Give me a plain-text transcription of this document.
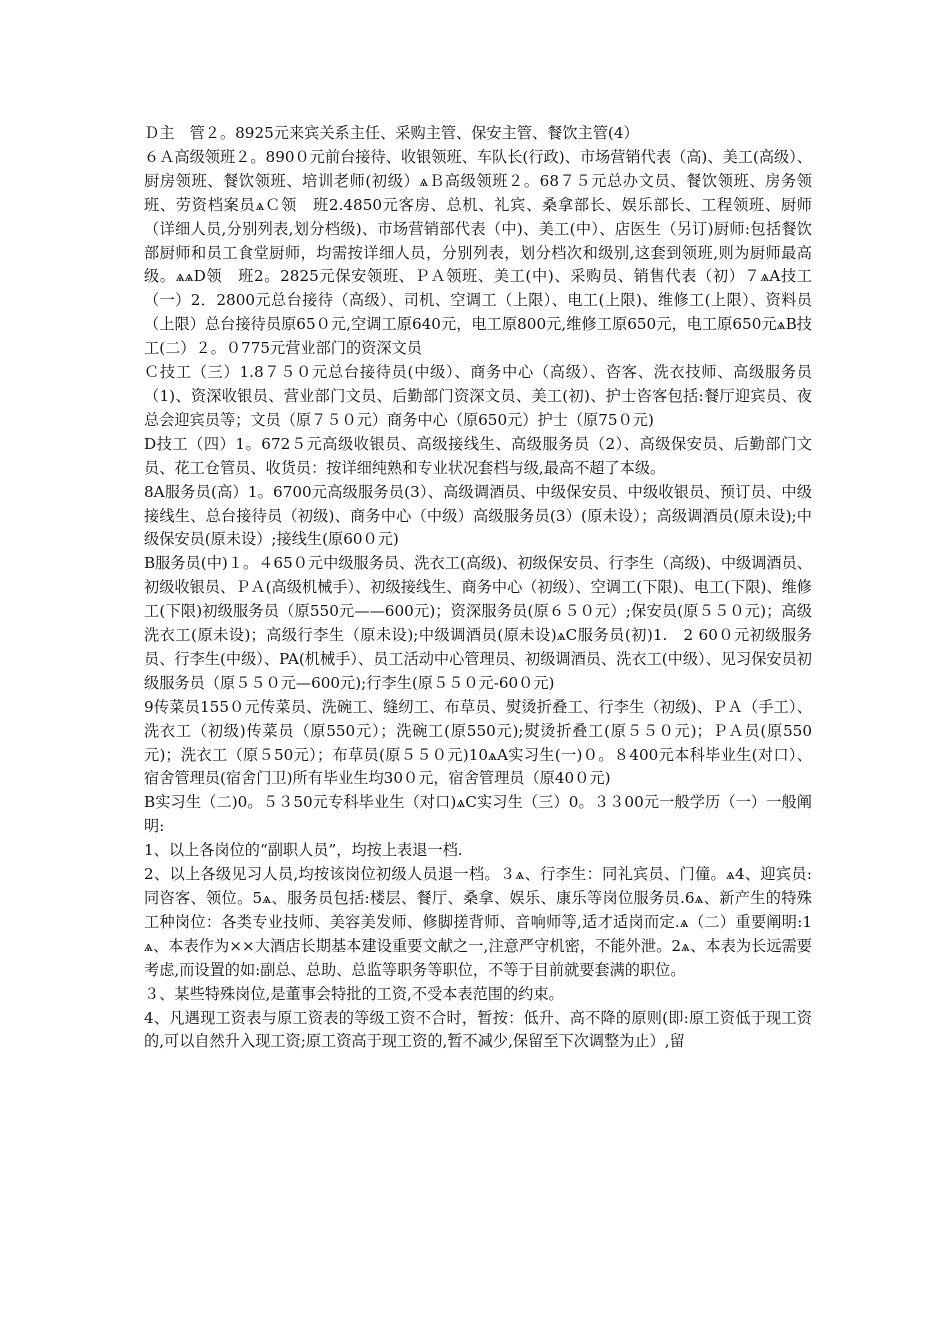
Ｄ主　管２。8925元来宾关系主任、采购主管、保安主管、餐饮主管(4）

６Ａ高级领班２。890０元前台接待、收银领班、车队长(行政)、市场营销代表（高)、美工(高级）、厨房领班、餐饮领班、培训老师(初级）ѧＢ高级领班２。68７５元总办文员、餐饮领班、房务领班、劳资档案员ѧＣ领　班2.4850元客房、总机、礼宾、桑拿部长、娱乐部长、工程领班、厨师（详细人员,分别列表,划分档级)、市场营销部代表（中)、美工(中）、店医生（另订)厨师:包括餐饮部厨师和员工食堂厨师，均需按详细人员，分别列表，划分档次和级别,这套到领班,则为厨师最高级。ѧѧD领　班2。2825元保安领班、ＰＡ领班、美工(中)、采购员、销售代表（初）７ѧA技工（一）2．2800元总台接待（高级）、司机、空调工（上限）、电工(上限)、维修工(上限）、资料员（上限）总台接待员原65０元,空调工原640元，电工原800元,维修工原650元，电工原650元ѧB技工(二）２。０775元营业部门的资深文员

Ｃ技工（三）1.8７５０元总台接待员(中级）、商务中心（高级）、咨客、洗衣技师、高级服务员（1)、资深收银员、营业部门文员、后勤部门资深文员、美工(初)、护士咨客包括:餐厅迎宾员、夜总会迎宾员等；文员（原７５０元）商务中心（原650元）护士（原75０元)

D技工（四）1。672５元高级收银员、高级接线生、高级服务员（2）、高级保安员、后勤部门文员、花工仓管员、收货员：按详细纯熟和专业状况套档与级,最高不超了本级。

8A服务员(高）1。6700元高级服务员(3）、高级调酒员、中级保安员、中级收银员、预订员、中级接线生、总台接待员（初级)、商务中心（中级）高级服务员(3）(原未设）；高级调酒员(原未设);中级保安员(原未设）;接线生(原60０元)

B服务员(中)１。４65０元中级服务员、洗衣工(高级)、初级保安员、行李生（高级)、中级调酒员、初级收银员、ＰＡ(高级机械手）、初级接线生、商务中心（初级）、空调工(下限)、电工(下限)、维修工(下限)初级服务员（原550元——600元)；资深服务员(原６５０元）;保安员(原５５０元)；高级洗衣工(原未设)；高级行李生（原未设);中级调酒员(原未设)ѧC服务员(初)1.　2 60０元初级服务员、行李生(中级）、PA(机械手）、员工活动中心管理员、初级调酒员、洗衣工(中级）、见习保安员初级服务员（原５５０元—600元);行李生(原５５０元-60０元)

9传菜员155０元传菜员、洗碗工、缝纫工、布草员、熨烫折叠工、行李生（初级)、ＰＡ（手工）、洗衣工（初级)传菜员（原550元）；洗碗工(原550元);熨烫折叠工(原５５０元)；ＰＡ员(原550元)；洗衣工（原５50元）；布草员(原５５０元)10ѧA实习生(一)０。８400元本科毕业生(对口）、宿舍管理员(宿舍门卫)所有毕业生均30０元，宿舍管理员（原40０元)

B实习生（二)0。５３50元专科毕业生（对口)ѧC实习生（三）0。３３00元一般学历（一）一般阐明:

1、以上各岗位的“副职人员”，均按上表退一档.

2、以上各级见习人员,均按该岗位初级人员退一档。３ѧ、行李生：同礼宾员、门僮。ѧ4、迎宾员:同咨客、领位。5ѧ、服务员包括:楼层、餐厅、桑拿、娱乐、康乐等岗位服务员.6ѧ、新产生的特殊工种岗位：各类专业技师、美容美发师、修脚搓背师、音响师等,适才适岗而定.ѧ（二）重要阐明:1ѧ、本表作为××大酒店长期基本建设重要文献之一,注意严守机密，不能外泄。2ѧ、本表为长远需要考虑,而设置的如:副总、总助、总监等职务等职位，不等于目前就要套满的职位。

３、某些特殊岗位,是董事会特批的工资,不受本表范围的约束。

4、凡遇现工资表与原工资表的等级工资不合时，暂按：低升、高不降的原则(即:原工资低于现工资的,可以自然升入现工资;原工资高于现工资的,暂不减少,保留至下次调整为止）,留
